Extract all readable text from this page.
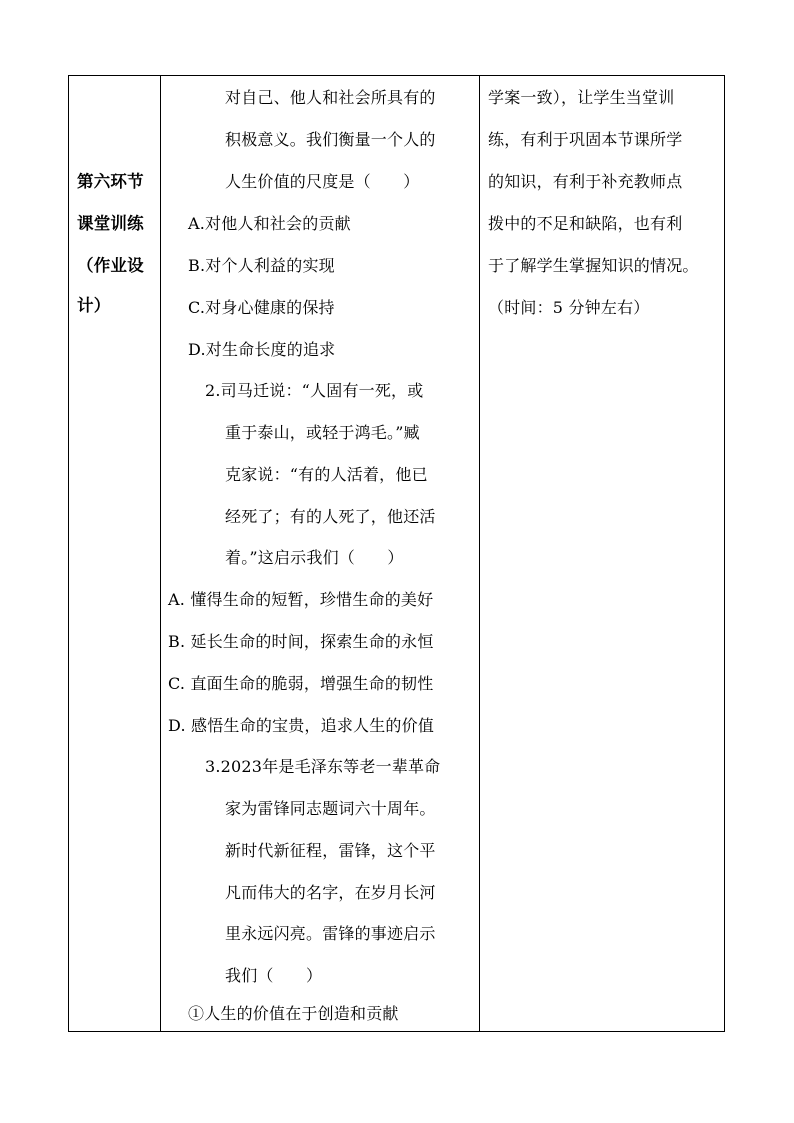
第六环节
课堂训练
（作业设
计）
对自己、他人和社会所具有的
积极意义。我们衡量一个人的
人生价值的尺度是（　　）
A.对他人和社会的贡献
B.对个人利益的实现
C.对身心健康的保持
D.对生命长度的追求
2.司马迁说：“人固有一死，或
重于泰山，或轻于鸿毛。”臧
克家说：“有的人活着，他已
经死了；有的人死了，他还活
着。”这启示我们（　　）
A. 懂得生命的短暂，珍惜生命的美好
B. 延长生命的时间，探索生命的永恒
C. 直面生命的脆弱，增强生命的韧性
D. 感悟生命的宝贵，追求人生的价值
3.2023年是毛泽东等老一辈革命
家为雷锋同志题词六十周年。
新时代新征程，雷锋，这个平
凡而伟大的名字，在岁月长河
里永远闪亮。雷锋的事迹启示
我们（　　）
①人生的价值在于创造和贡献
学案一致），让学生当堂训
练，有利于巩固本节课所学
的知识，有利于补充教师点
拨中的不足和缺陷，也有利
于了解学生掌握知识的情况。
（时间：5 分钟左右）
